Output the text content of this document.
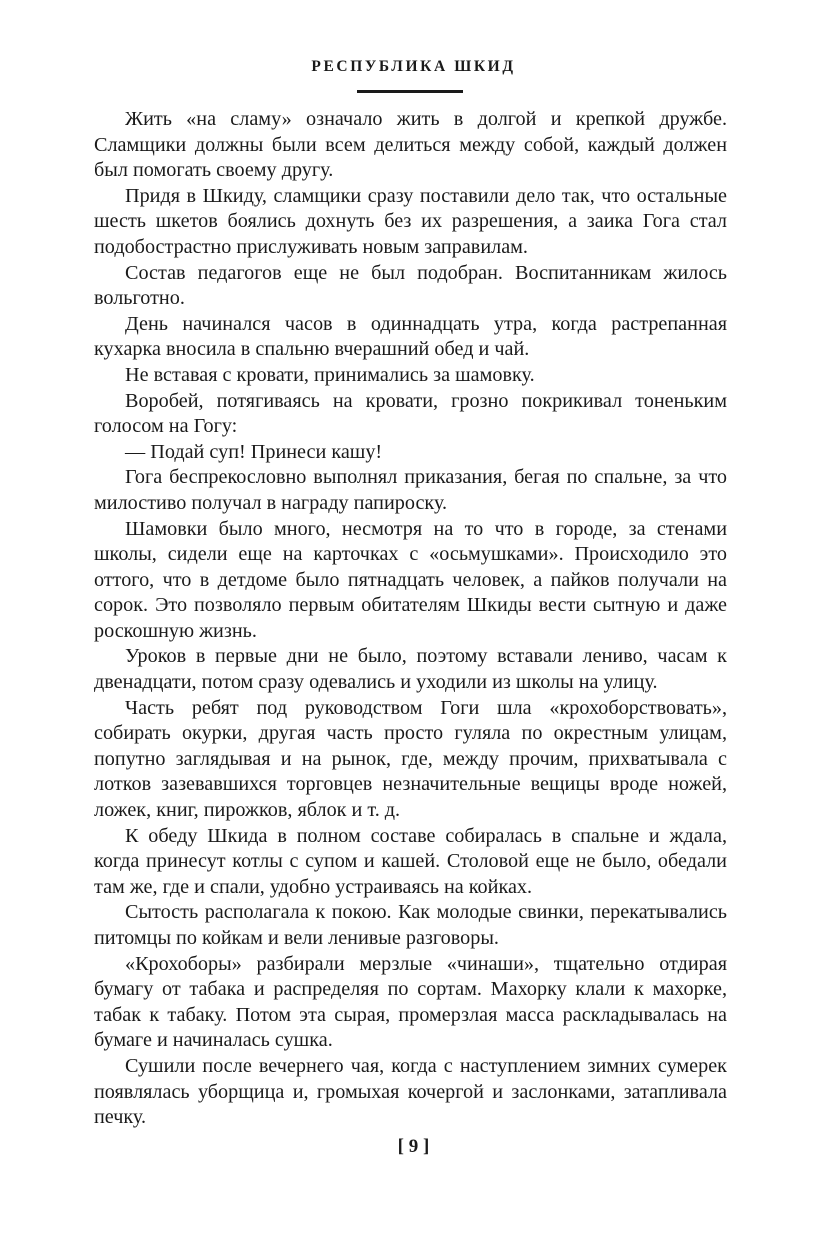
РЕСПУБЛИКА ШКИД

Жить «на сламу» означало жить в долгой и крепкой дружбе. Сламщики должны были всем делиться между собой, каждый должен был помогать своему другу.

Придя в Шкиду, сламщики сразу поставили дело так, что остальные шесть шкетов боялись дохнуть без их разрешения, а заика Гога стал подобострастно прислуживать новым заправилам.

Состав педагогов еще не был подобран. Воспитанникам жилось вольготно.

День начинался часов в одиннадцать утра, когда растрепанная кухарка вносила в спальню вчерашний обед и чай.

Не вставая с кровати, принимались за шамовку.

Воробей, потягиваясь на кровати, грозно покрикивал тоненьким голосом на Гогу:

— Подай суп! Принеси кашу!

Гога беспрекословно выполнял приказания, бегая по спальне, за что милостиво получал в награду папироску.

Шамовки было много, несмотря на то что в городе, за стенами школы, сидели еще на карточках с «осьмушками». Происходило это оттого, что в детдоме было пятнадцать человек, а пайков получали на сорок. Это позволяло первым обитателям Шкиды вести сытную и даже роскошную жизнь.

Уроков в первые дни не было, поэтому вставали лениво, часам к двенадцати, потом сразу одевались и уходили из школы на улицу.

Часть ребят под руководством Гоги шла «крохоборствовать», собирать окурки, другая часть просто гуляла по окрестным улицам, попутно заглядывая и на рынок, где, между прочим, прихватывала с лотков зазевавшихся торговцев незначительные вещицы вроде ножей, ложек, книг, пирожков, яблок и т. д.

К обеду Шкида в полном составе собиралась в спальне и ждала, когда принесут котлы с супом и кашей. Столовой еще не было, обедали там же, где и спали, удобно устраиваясь на койках.

Сытость располагала к покою. Как молодые свинки, перекатывались питомцы по койкам и вели ленивые разговоры.

«Крохоборы» разбирали мерзлые «чинаши», тщательно отдирая бумагу от табака и распределяя по сортам. Махорку клали к махорке, табак к табаку. Потом эта сырая, промерзлая масса раскладывалась на бумаге и начиналась сушка.

Сушили после вечернего чая, когда с наступлением зимних сумерек появлялась уборщица и, громыхая кочергой и заслонками, затапливала печку.

[ 9 ]
